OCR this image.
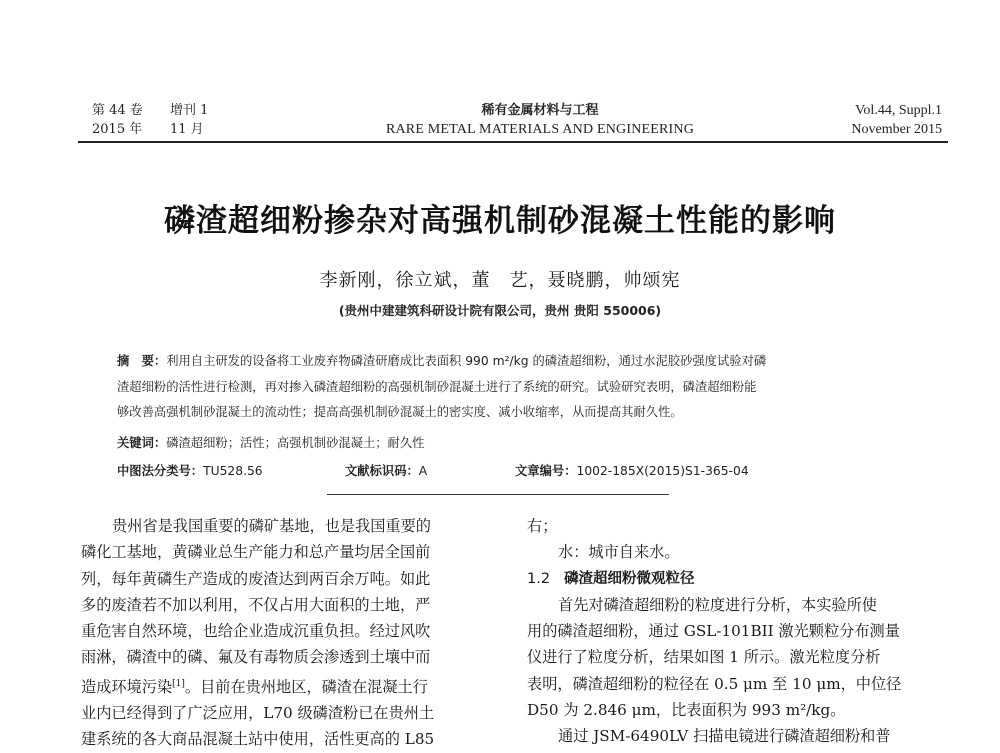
第 44 卷	增刊 1
2015 年	11 月
稀有金属材料与工程
RARE METAL MATERIALS AND ENGINEERING
Vol.44, Suppl.1
November 2015
磷渣超细粉掺杂对高强机制砂混凝土性能的影响
李新刚，徐立斌，董　艺，聂晓鹏，帅颂宪
(贵州中建建筑科研设计院有限公司，贵州 贵阳 550006)
摘　要：利用自主研发的设备将工业废弃物磷渣研磨成比表面积 990 m²/kg 的磷渣超细粉，通过水泥胶砂强度试验对磷
渣超细粉的活性进行检测，再对掺入磷渣超细粉的高强机制砂混凝土进行了系统的研究。试验研究表明，磷渣超细粉能
够改善高强机制砂混凝土的流动性；提高高强机制砂混凝土的密实度、减小收缩率，从而提高其耐久性。
关键词：磷渣超细粉；活性；高强机制砂混凝土；耐久性
中图法分类号：TU528.56	文献标识码：A	文章编号：1002-185X(2015)S1-365-04
贵州省是我国重要的磷矿基地，也是我国重要的
磷化工基地，黄磷业总生产能力和总产量均居全国前
列，每年黄磷生产造成的废渣达到两百余万吨。如此
多的废渣若不加以利用，不仅占用大面积的土地，严
重危害自然环境，也给企业造成沉重负担。经过风吹
雨淋，磷渣中的磷、氟及有毒物质会渗透到土壤中而
造成环境污染[1]。目前在贵州地区，磷渣在混凝土行
业内已经得到了广泛应用，L70 级磷渣粉已在贵州土
建系统的各大商品混凝土站中使用，活性更高的 L85
右；
水：城市自来水。
1.2 磷渣超细粉微观粒径
首先对磷渣超细粉的粒度进行分析，本实验所使
用的磷渣超细粉，通过 GSL-101BII 激光颗粒分布测量
仪进行了粒度分析，结果如图 1 所示。激光粒度分析
表明，磷渣超细粉的粒径在 0.5 μm 至 10 μm，中位径
D50 为 2.846 μm，比表面积为 993 m²/kg。
通过 JSM-6490LV 扫描电镜进行磷渣超细粉和普
